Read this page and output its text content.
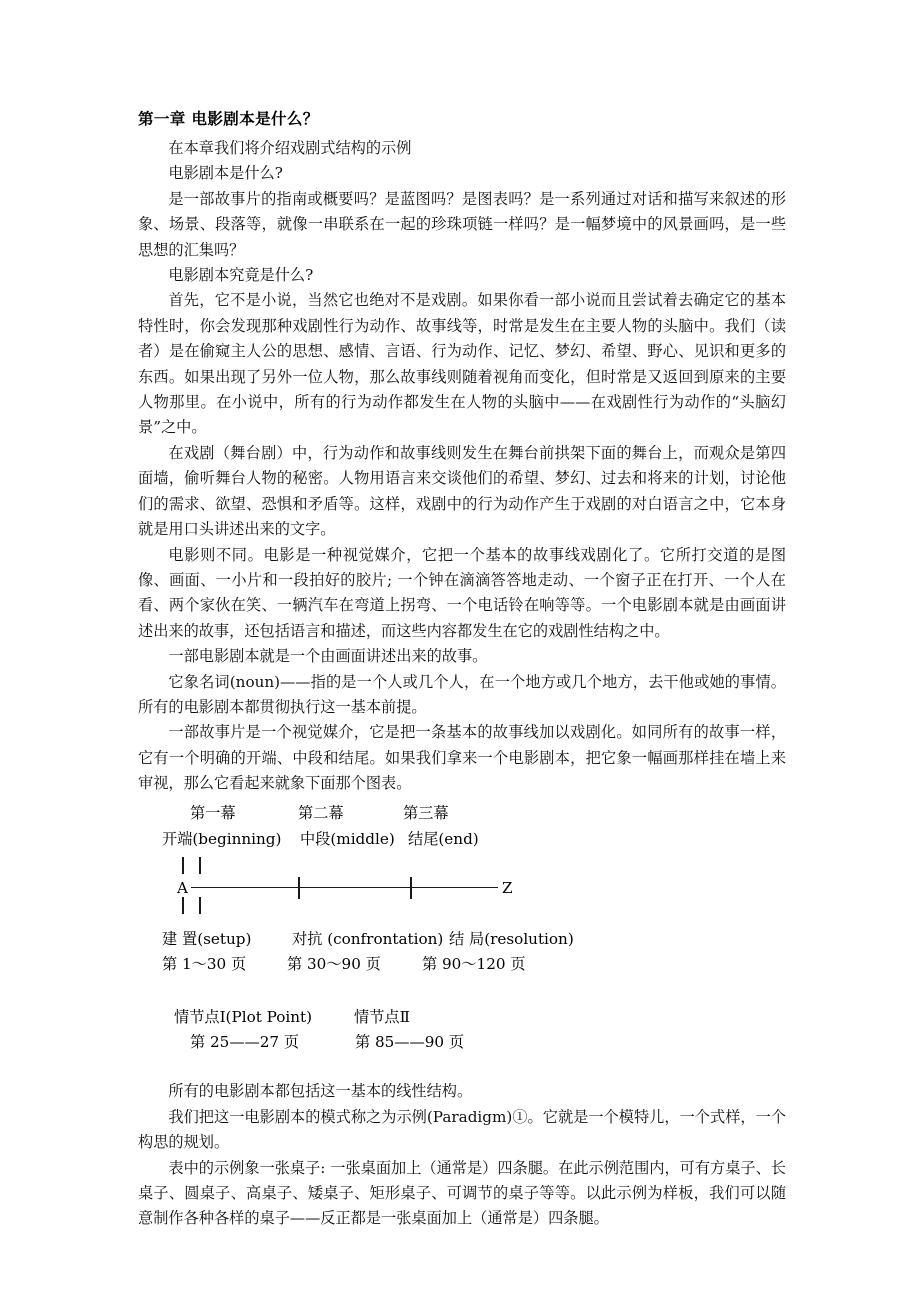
第一章 电影剧本是什么？

在本章我们将介绍戏剧式结构的示例

电影剧本是什么?

是一部故事片的指南或概要吗？是蓝图吗？是图表吗？是一系列通过对话和描写来叙述的形象、场景、段落等，就像一串联系在一起的珍珠项链一样吗？是一幅梦境中的风景画吗，是一些思想的汇集吗？

电影剧本究竟是什么?

首先，它不是小说，当然它也绝对不是戏剧。如果你看一部小说而且尝试着去确定它的基本特性时，你会发现那种戏剧性行为动作、故事线等，时常是发生在主要人物的头脑中。我们（读者）是在偷窥主人公的思想、感情、言语、行为动作、记忆、梦幻、希望、野心、见识和更多的东西。如果出现了另外一位人物，那么故事线则随着视角而变化，但时常是又返回到原来的主要人物那里。在小说中，所有的行为动作都发生在人物的头脑中——在戏剧性行为动作的“头脑幻景”之中。

在戏剧（舞台剧）中，行为动作和故事线则发生在舞台前拱架下面的舞台上，而观众是第四面墙，偷听舞台人物的秘密。人物用语言来交谈他们的希望、梦幻、过去和将来的计划，讨论他们的需求、欲望、恐惧和矛盾等。这样，戏剧中的行为动作产生于戏剧的对白语言之中，它本身就是用口头讲述出来的文字。

电影则不同。电影是一种视觉媒介，它把一个基本的故事线戏剧化了。它所打交道的是图像、画面、一小片和一段拍好的胶片; 一个钟在滴滴答答地走动、一个窗子正在打开、一个人在看、两个家伙在笑、一辆汽车在弯道上拐弯、一个电话铃在响等等。一个电影剧本就是由画面讲述出来的故事，还包括语言和描述，而这些内容都发生在它的戏剧性结构之中。

一部电影剧本就是一个由画面讲述出来的故事。

它象名词(noun)——指的是一个人或几个人，在一个地方或几个地方，去干他或她的事情。所有的电影剧本都贯彻执行这一基本前提。

一部故事片是一个视觉媒介，它是把一条基本的故事线加以戏剧化。如同所有的故事一样，它有一个明确的开端、中段和结尾。如果我们拿来一个电影剧本，把它象一幅画那样挂在墙上来审视，那么它看起来就象下面那个图表。

第一幕	第二幕	第三幕
开端(beginning) 中段(middle) 结尾(end)
A	Z
建 置(setup)	对抗 (confrontation) 结 局(resolution)
第 1～30 页	第 30～90 页	第 90～120 页
情节点Ⅰ(Plot Point)	情节点Ⅱ
第 25——27 页	第 85——90 页

所有的电影剧本都包括这一基本的线性结构。

我们把这一电影剧本的模式称之为示例(Paradigm)①。它就是一个模特儿，一个式样，一个构思的规划。

表中的示例象一张桌子: 一张桌面加上（通常是）四条腿。在此示例范围内，可有方桌子、长桌子、圆桌子、高桌子、矮桌子、矩形桌子、可调节的桌子等等。以此示例为样板，我们可以随意制作各种各样的桌子——反正都是一张桌面加上（通常是）四条腿。
